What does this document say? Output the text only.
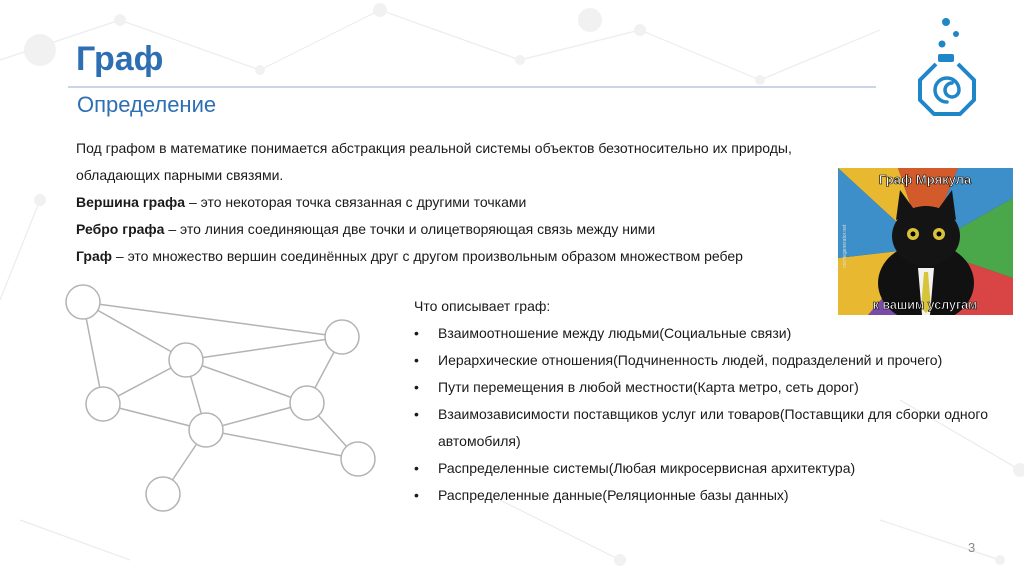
Граф
Определение

Под графом в математике понимается абстракция реальной системы объектов безотносительно их природы, обладающих парными связями.

Вершина графа – это некоторая точка связанная с другими точками

Ребро графа – это линия соединяющая две точки и олицетворяющая связь между ними

Граф – это множество вершин соединённых друг с другом произвольным образом множеством ребер

Граф Мрякула
к вашим услугам
memegenerator.net

Что описывает граф:

• Взаимоотношение между людьми(Социальные связи)
• Иерархические отношения(Подчиненность людей, подразделений и прочего)
• Пути перемещения в любой местности(Карта метро, сеть дорог)
• Взаимозависимости поставщиков услуг или товаров(Поставщики для сборки одного автомобиля)
• Распределенные системы(Любая микросервисная архитектура)
• Распределенные данные(Реляционные базы данных)
3
